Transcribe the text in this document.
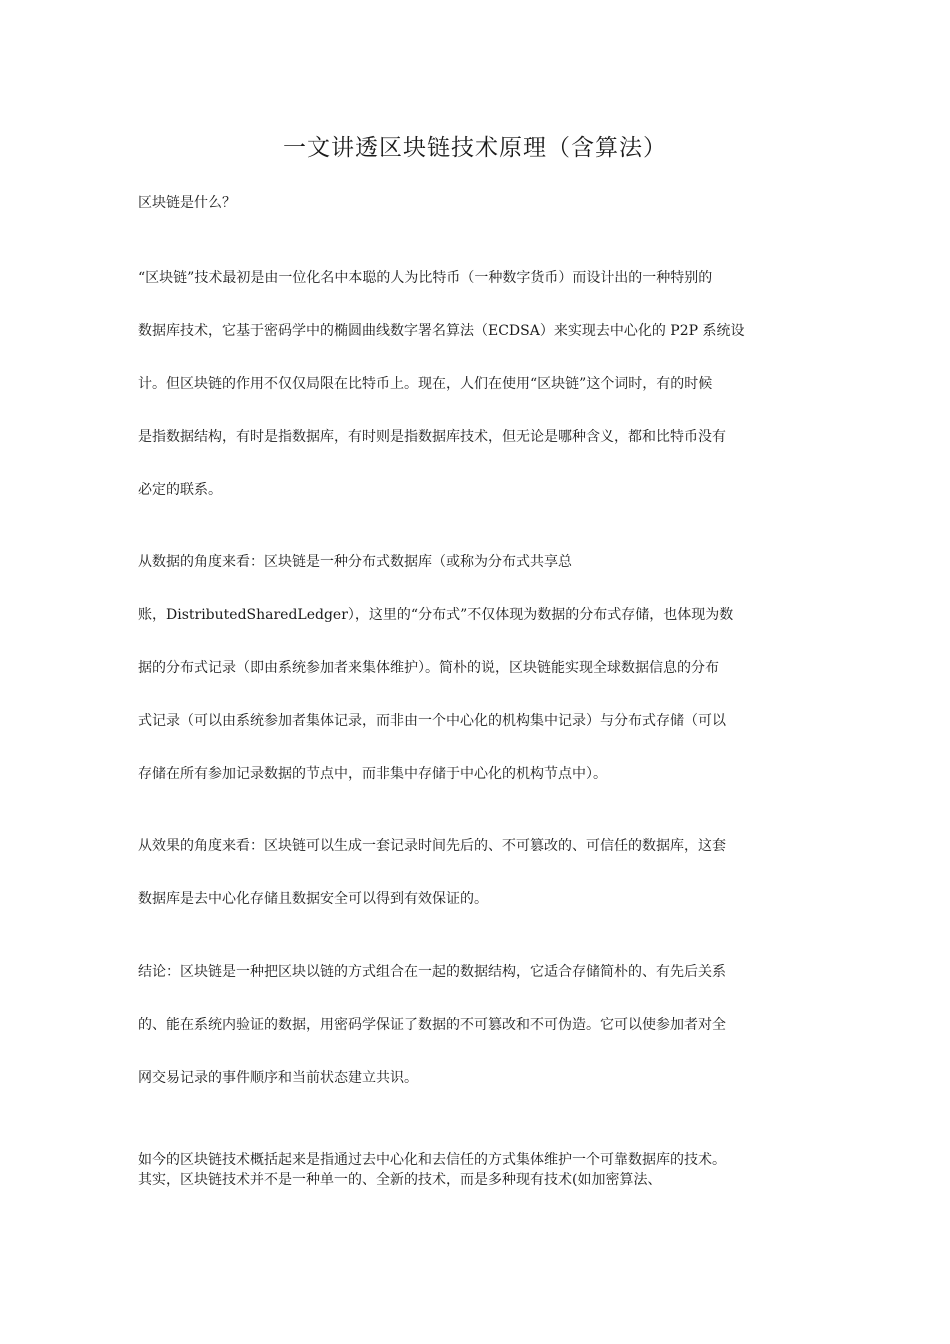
一文讲透区块链技术原理（含算法）

区块链是什么？

“区块链”技术最初是由一位化名中本聪的人为比特币（一种数字货币）而设计出的一种特别的

数据库技术，它基于密码学中的椭圆曲线数字署名算法（ECDSA）来实现去中心化的 P2P 系统设

计。但区块链的作用不仅仅局限在比特币上。现在，人们在使用“区块链”这个词时，有的时候

是指数据结构，有时是指数据库，有时则是指数据库技术，但无论是哪种含义，都和比特币没有

必定的联系。

从数据的角度来看：区块链是一种分布式数据库（或称为分布式共享总

账，DistributedSharedLedger），这里的“分布式”不仅体现为数据的分布式存储，也体现为数

据的分布式记录（即由系统参加者来集体维护）。简朴的说，区块链能实现全球数据信息的分布

式记录（可以由系统参加者集体记录，而非由一个中心化的机构集中记录）与分布式存储（可以

存储在所有参加记录数据的节点中，而非集中存储于中心化的机构节点中）。

从效果的角度来看：区块链可以生成一套记录时间先后的、不可篡改的、可信任的数据库，这套

数据库是去中心化存储且数据安全可以得到有效保证的。

结论：区块链是一种把区块以链的方式组合在一起的数据结构，它适合存储简朴的、有先后关系

的、能在系统内验证的数据，用密码学保证了数据的不可篡改和不可伪造。它可以使参加者对全

网交易记录的事件顺序和当前状态建立共识。

如今的区块链技术概括起来是指通过去中心化和去信任的方式集体维护一个可靠数据库的技术。

其实，区块链技术并不是一种单一的、全新的技术，而是多种现有技术(如加密算法、
